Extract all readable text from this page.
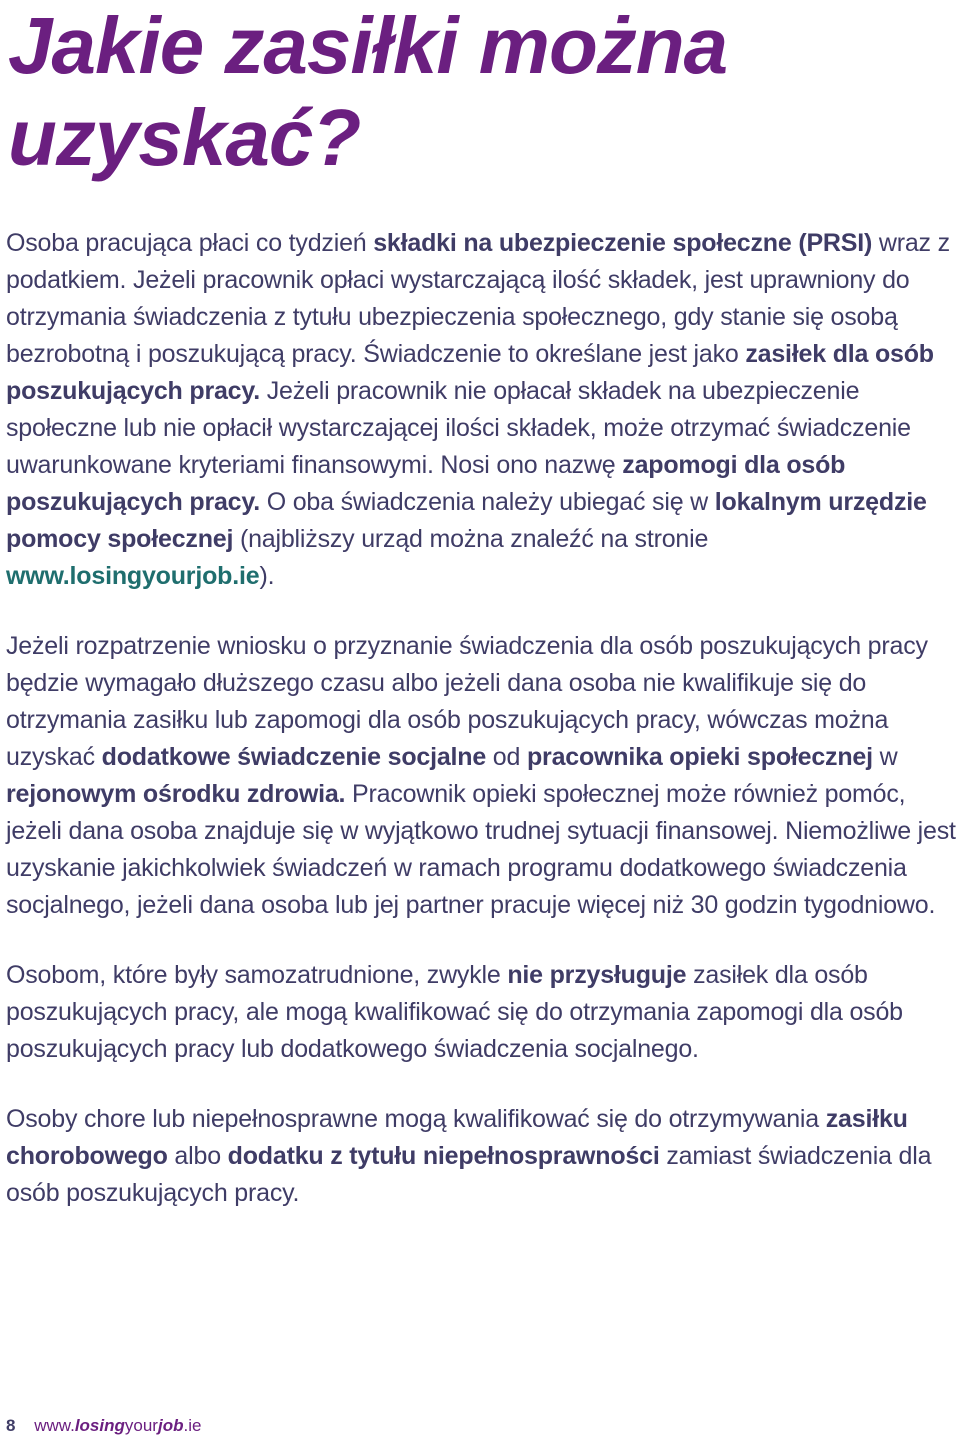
Jakie zasiłki można uzyskać?

Osoba pracująca płaci co tydzień składki na ubezpieczenie społeczne (PRSI) wraz z podatkiem. Jeżeli pracownik opłaci wystarczającą ilość składek, jest uprawniony do otrzymania świadczenia z tytułu ubezpieczenia społecznego, gdy stanie się osobą bezrobotną i poszukującą pracy. Świadczenie to określane jest jako zasiłek dla osób poszukujących pracy. Jeżeli pracownik nie opłacał składek na ubezpieczenie społeczne lub nie opłacił wystarczającej ilości składek, może otrzymać świadczenie uwarunkowane kryteriami finansowymi. Nosi ono nazwę zapomogi dla osób poszukujących pracy. O oba świadczenia należy ubiegać się w lokalnym urzędzie pomocy społecznej (najbliższy urząd można znaleźć na stronie www.losingyourjob.ie).

Jeżeli rozpatrzenie wniosku o przyznanie świadczenia dla osób poszukujących pracy będzie wymagało dłuższego czasu albo jeżeli dana osoba nie kwalifikuje się do otrzymania zasiłku lub zapomogi dla osób poszukujących pracy, wówczas można uzyskać dodatkowe świadczenie socjalne od pracownika opieki społecznej w rejonowym ośrodku zdrowia. Pracownik opieki społecznej może również pomóc, jeżeli dana osoba znajduje się w wyjątkowo trudnej sytuacji finansowej. Niemożliwe jest uzyskanie jakichkolwiek świadczeń w ramach programu dodatkowego świadczenia socjalnego, jeżeli dana osoba lub jej partner pracuje więcej niż 30 godzin tygodniowo.

Osobom, które były samozatrudnione, zwykle nie przysługuje zasiłek dla osób poszukujących pracy, ale mogą kwalifikować się do otrzymania zapomogi dla osób poszukujących pracy lub dodatkowego świadczenia socjalnego.

Osoby chore lub niepełnosprawne mogą kwalifikować się do otrzymywania zasiłku chorobowego albo dodatku z tytułu niepełnosprawności zamiast świadczenia dla osób poszukujących pracy.

8 www.losingyourjob.ie
